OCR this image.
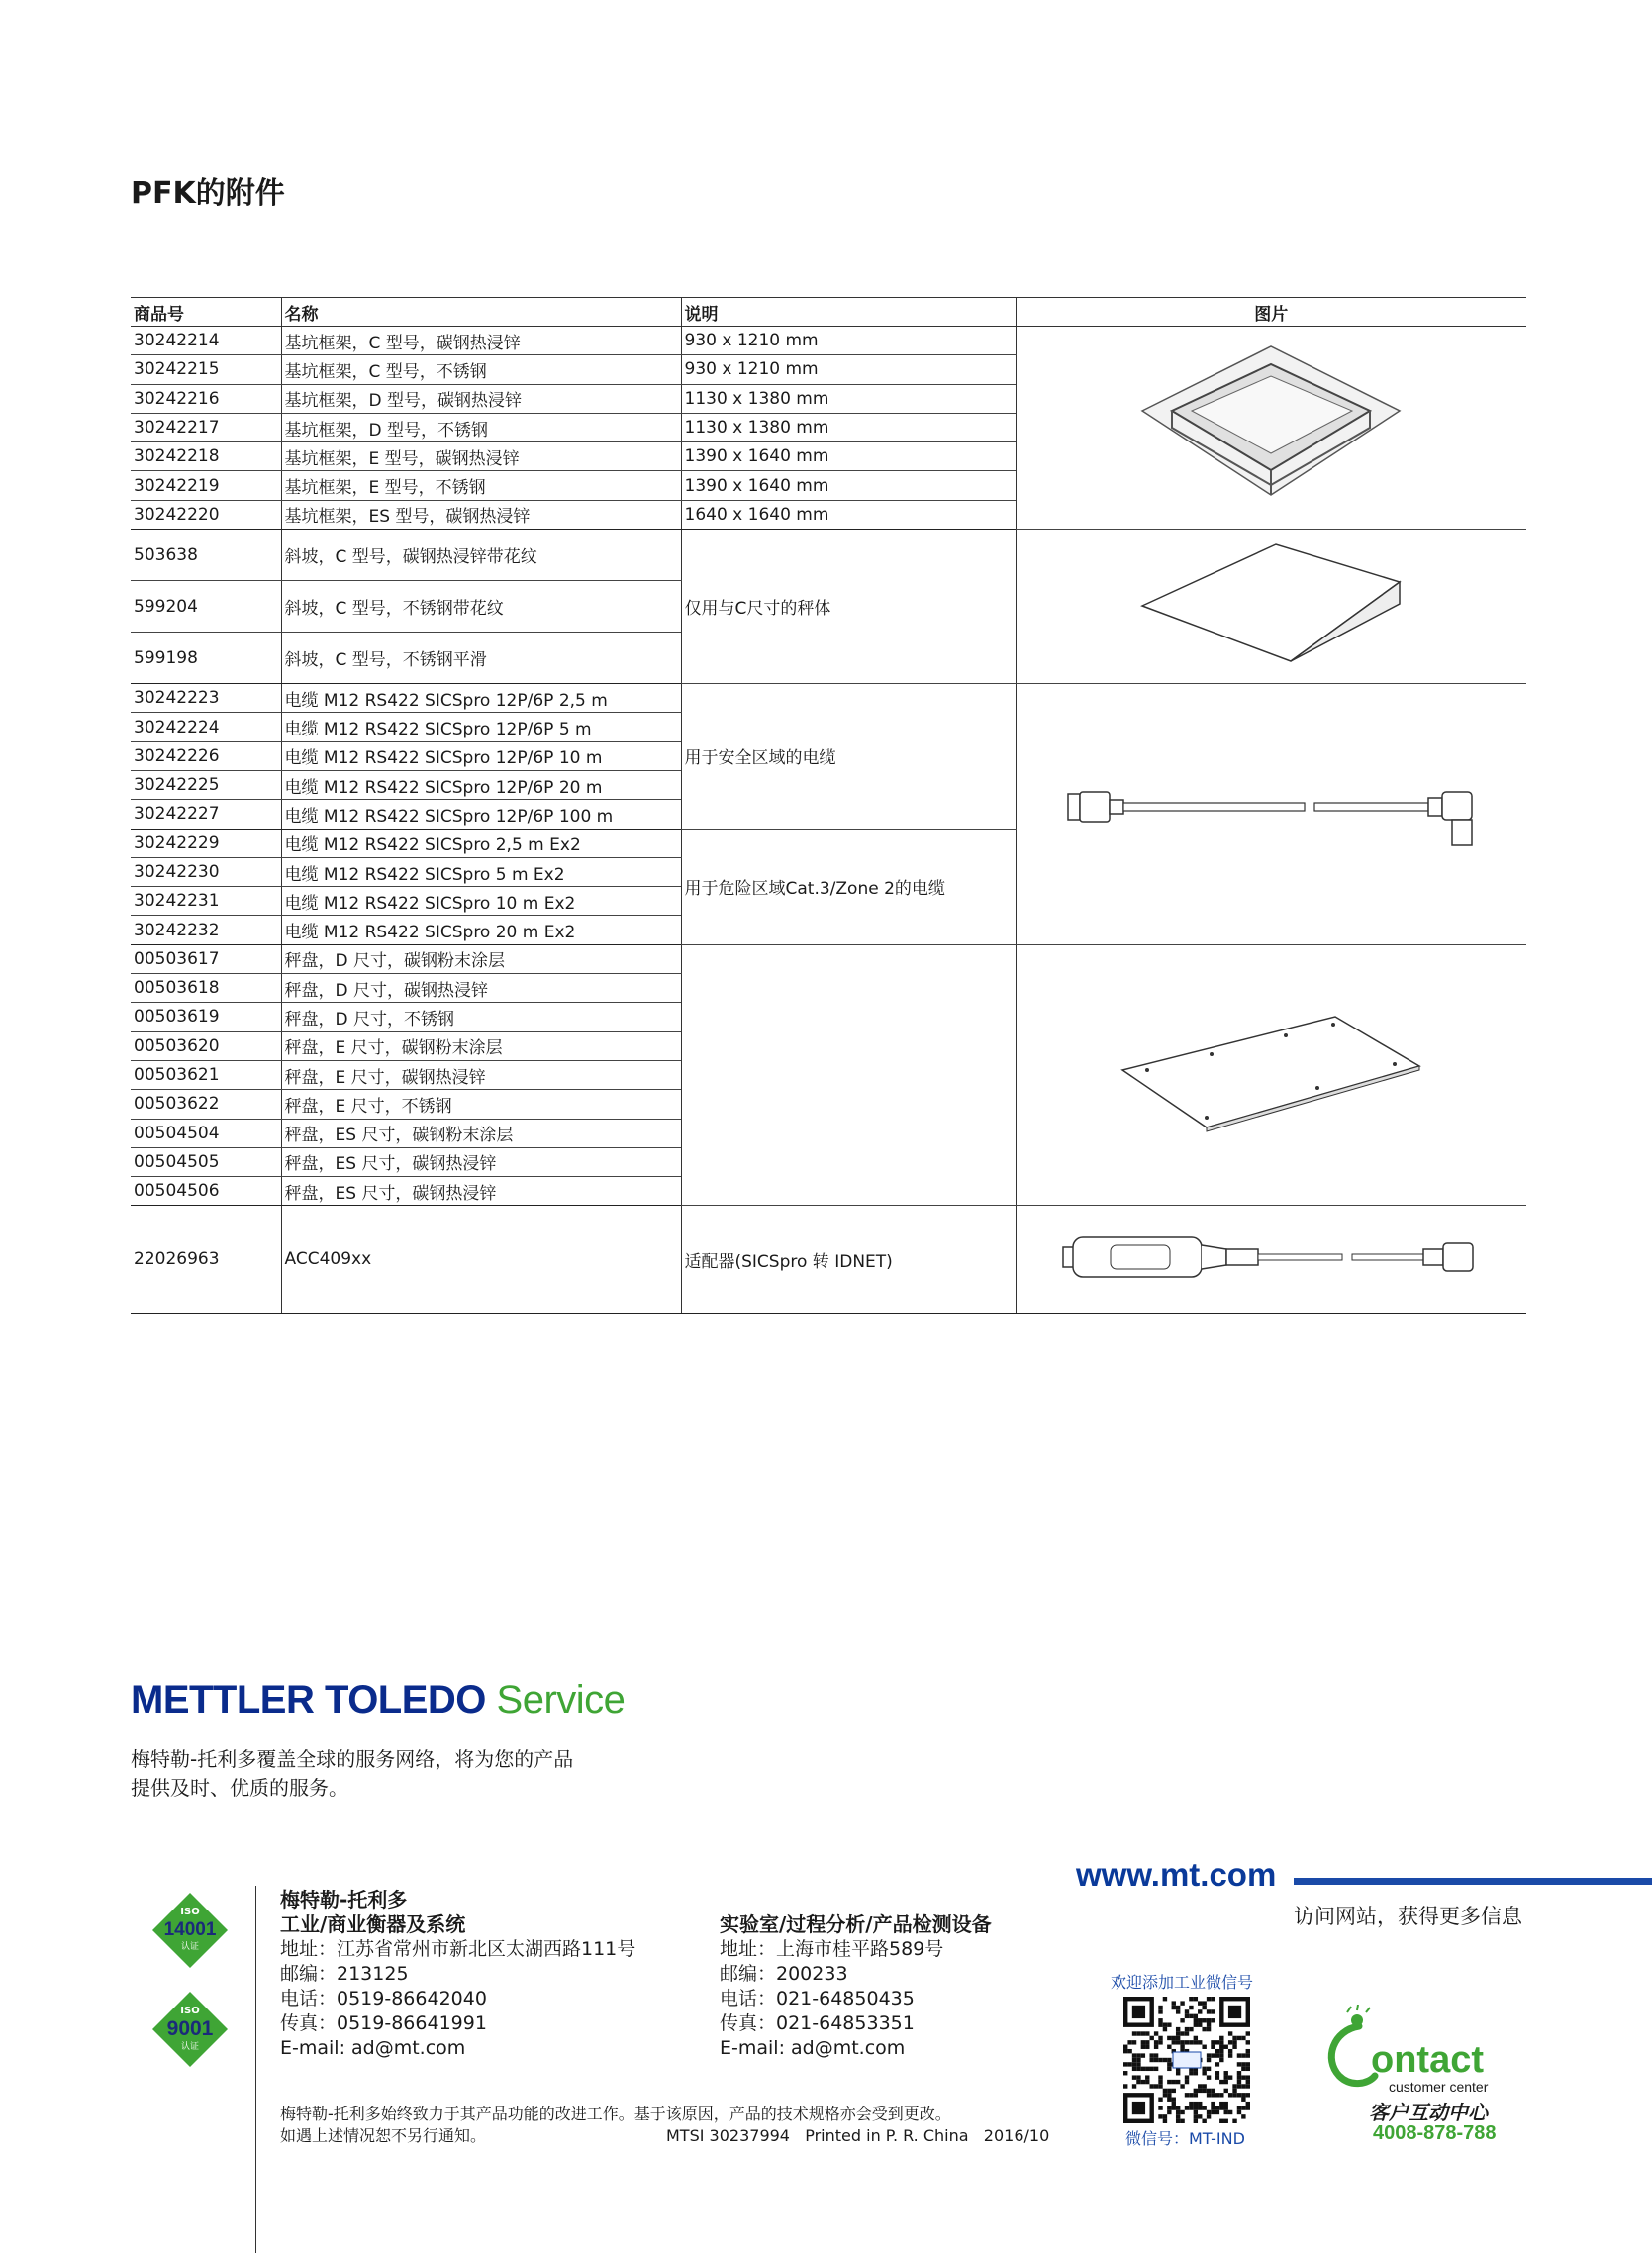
PFK的附件
商品号	名称	说明	图片
30242214	基坑框架，C 型号，碳钢热浸锌	930 x 1210 mm	
30242215	基坑框架，C 型号，不锈钢	930 x 1210 mm	
30242216	基坑框架，D 型号，碳钢热浸锌	1130 x 1380 mm	
30242217	基坑框架，D 型号，不锈钢	1130 x 1380 mm	
30242218	基坑框架，E 型号，碳钢热浸锌	1390 x 1640 mm	
30242219	基坑框架，E 型号，不锈钢	1390 x 1640 mm	
30242220	基坑框架，ES 型号，碳钢热浸锌	1640 x 1640 mm	
503638	斜坡，C 型号，碳钢热浸锌带花纹	仅用与C尺寸的秤体	
599204	斜坡，C 型号，不锈钢带花纹		
599198	斜坡，C 型号，不锈钢平滑		
30242223	电缆 M12 RS422 SICSpro 12P/6P 2,5 m	用于安全区域的电缆	
30242224	电缆 M12 RS422 SICSpro 12P/6P 5 m		
30242226	电缆 M12 RS422 SICSpro 12P/6P 10 m		
30242225	电缆 M12 RS422 SICSpro 12P/6P 20 m		
30242227	电缆 M12 RS422 SICSpro 12P/6P 100 m		
30242229	电缆 M12 RS422 SICSpro 2,5 m Ex2	用于危险区域Cat.3/Zone 2的电缆	
30242230	电缆 M12 RS422 SICSpro 5 m Ex2		
30242231	电缆 M12 RS422 SICSpro 10 m Ex2		
30242232	电缆 M12 RS422 SICSpro 20 m Ex2		
00503617	秤盘，D 尺寸，碳钢粉末涂层		
00503618	秤盘，D 尺寸，碳钢热浸锌		
00503619	秤盘，D 尺寸，不锈钢		
00503620	秤盘，E 尺寸，碳钢粉末涂层		
00503621	秤盘，E 尺寸，碳钢热浸锌		
00503622	秤盘，E 尺寸，不锈钢		
00504504	秤盘，ES 尺寸，碳钢粉末涂层		
00504505	秤盘，ES 尺寸，碳钢热浸锌		
00504506	秤盘，ES 尺寸，碳钢热浸锌		
22026963	ACC409xx	适配器(SICSpro 转 IDNET)	
METTLER TOLEDO Service
梅特勒-托利多覆盖全球的服务网络，将为您的产品
提供及时、优质的服务。
www.mt.com
访问网站，获得更多信息
ISO
14001
认证
ISO
9001
认证
梅特勒-托利多
工业/商业衡器及系统
地址：江苏省常州市新北区太湖西路111号
邮编：213125
电话：0519-86642040
传真：0519-86641991
E-mail: ad@mt.com
实验室/过程分析/产品检测设备
地址：上海市桂平路589号
邮编：200233
电话：021-64850435
传真：021-64853351
E-mail: ad@mt.com
梅特勒-托利多始终致力于其产品功能的改进工作。基于该原因，产品的技术规格亦会受到更改。
如遇上述情况恕不另行通知。	MTSI 30237994   Printed in P. R. China   2016/10
欢迎添加工业微信号
微信号：MT-IND
ontact
customer center
客户互动中心
4008-878-788
